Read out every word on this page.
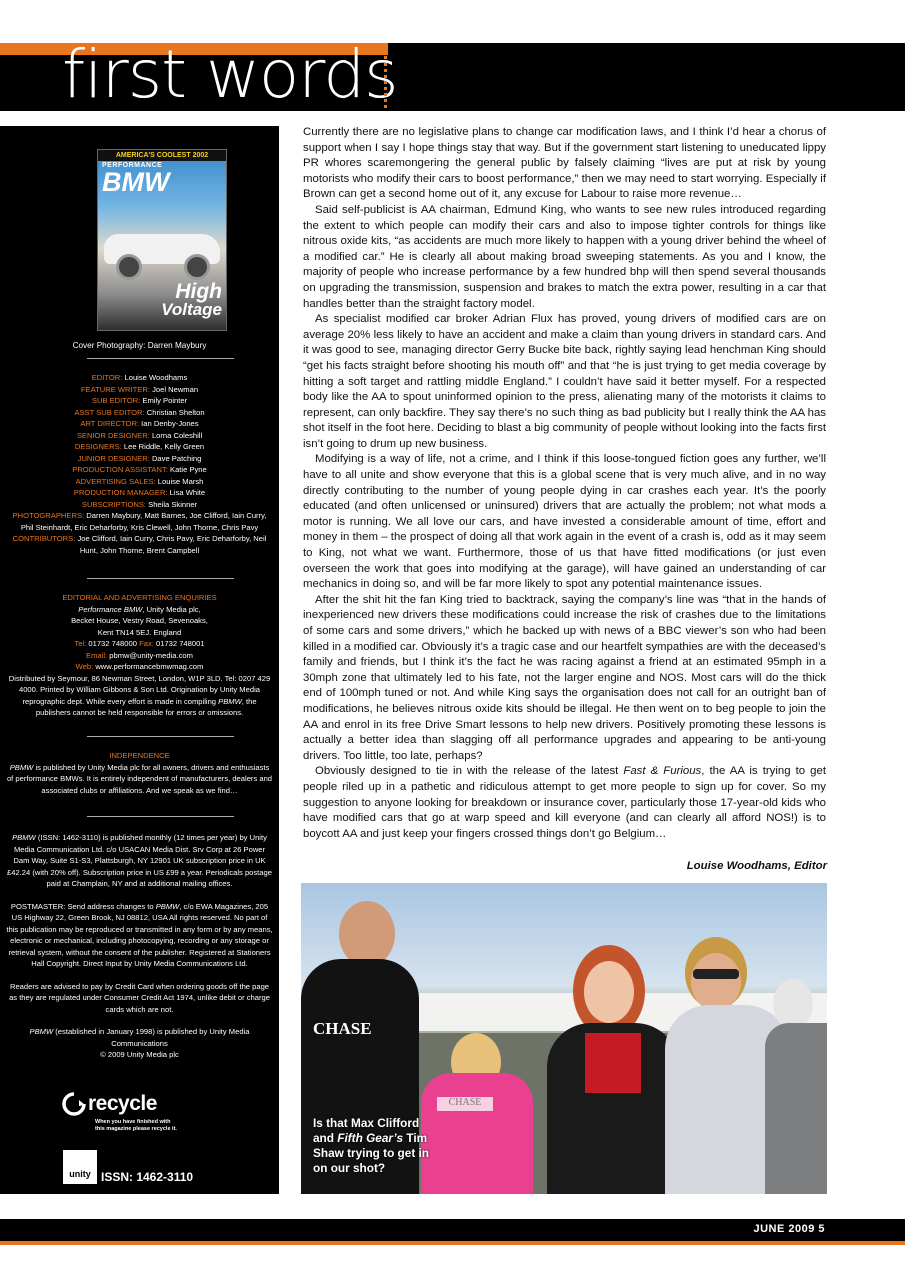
first words
AMERICA'S COOLEST 2002
PERFORMANCE
BMW
High
Voltage
Cover Photography: Darren Maybury
EDITOR: Louise Woodhams
FEATURE WRITER: Joel Newman
SUB EDITOR: Emily Pointer
ASST SUB EDITOR: Christian Shelton
ART DIRECTOR: Ian Denby-Jones
SENIOR DESIGNER: Lorna Coleshill
DESIGNERS: Lee Riddle, Kelly Green
JUNIOR DESIGNER: Dave Patching
PRODUCTION ASSISTANT: Katie Pyne
ADVERTISING SALES: Louise Marsh
PRODUCTION MANAGER: Lisa White
SUBSCRIPTIONS: Sheila Skinner
PHOTOGRAPHERS: Darren Maybury, Matt Barnes, Joe Clifford, Iain Curry, Phil Steinhardt, Eric Deharforby, Kris Clewell, John Thorne, Chris Pavy
CONTRIBUTORS: Joe Clifford, Iain Curry, Chris Pavy, Eric Deharforby, Neil Hunt, John Thorne, Brent Campbell
EDITORIAL AND ADVERTISING ENQUIRIES
Performance BMW, Unity Media plc,
Becket House, Vestry Road, Sevenoaks,
Kent TN14 5EJ. England
Tel: 01732 748000 Fax: 01732 748001
Email: pbmw@unity-media.com
Web: www.performancebmwmag.com
Distributed by Seymour, 86 Newman Street, London, W1P 3LD. Tel: 0207 429 4000. Printed by William Gibbons & Son Ltd. Origination by Unity Media reprographic dept. While every effort is made in compiling PBMW, the publishers cannot be held responsible for errors or omissions.
INDEPENDENCE
PBMW is published by Unity Media plc for all owners, drivers and enthusiasts of performance BMWs. It is entirely independent of manufacturers, dealers and associated clubs or affiliations. And we speak as we find…
PBMW (ISSN: 1462-3110) is published monthly (12 times per year) by Unity Media Communication Ltd. c/o USACAN Media Dist. Srv Corp at 26 Power Dam Way, Suite S1-S3, Plattsburgh, NY 12901 UK subscription price in UK £42.24 (with 20% off). Subscription price in US £99 a year. Periodicals postage paid at Champlain, NY and at additional mailing offices.
POSTMASTER: Send address changes to PBMW, c/o EWA Magazines, 205 US Highway 22, Green Brook, NJ 08812, USA All rights reserved. No part of this publication may be reproduced or transmitted in any form or by any means, electronic or mechanical, including photocopying, recording or any storage or retrieval system, without the consent of the publisher. Registered at Stationers Hall Copyright. Direct Input by Unity Media Communications Ltd.
Readers are advised to pay by Credit Card when ordering goods off the page as they are regulated under Consumer Credit Act 1974, unlike debit or charge cards which are not.
PBMW (established in January 1998) is published by Unity Media Communications
© 2009 Unity Media plc
recycle
When you have finished with
this magazine please recycle it.
unity ISSN: 1462-3110

Currently there are no legislative plans to change car modification laws, and I think I’d hear a chorus of support when I say I hope things stay that way. But if the government start listening to uneducated lippy PR whores scaremongering the general public by falsely claiming “lives are put at risk by young motorists who modify their cars to boost performance,” then we may need to start worrying. Especially if Brown can get a second home out of it, any excuse for Labour to raise more revenue…

Said self-publicist is AA chairman, Edmund King, who wants to see new rules introduced regarding the extent to which people can modify their cars and also to impose tighter controls for things like nitrous oxide kits, “as accidents are much more likely to happen with a young driver behind the wheel of a modified car.” He is clearly all about making broad sweeping statements. As you and I know, the majority of people who increase performance by a few hundred bhp will then spend several thousands on upgrading the transmission, suspension and brakes to match the extra power, resulting in a car that handles better than the straight factory model.

As specialist modified car broker Adrian Flux has proved, young drivers of modified cars are on average 20% less likely to have an accident and make a claim than young drivers in standard cars. And it was good to see, managing director Gerry Bucke bite back, rightly saying lead henchman King should “get his facts straight before shooting his mouth off” and that “he is just trying to get media coverage by hitting a soft target and rattling middle England.” I couldn’t have said it better myself. For a respected body like the AA to spout uninformed opinion to the press, alienating many of the motorists it claims to represent, can only backfire. They say there’s no such thing as bad publicity but I really think the AA has shot itself in the foot here. Deciding to blast a big community of people without looking into the facts first isn’t going to drum up new business.

Modifying is a way of life, not a crime, and I think if this loose-tongued fiction goes any further, we’ll have to all unite and show everyone that this is a global scene that is very much alive, and in no way directly contributing to the number of young people dying in car crashes each year. It’s the poorly educated (and often unlicensed or uninsured) drivers that are actually the problem; not what mods a motor is running. We all love our cars, and have invested a considerable amount of time, effort and money in them – the prospect of doing all that work again in the event of a crash is, odd as it may seem to King, not what we want. Furthermore, those of us that have fitted modifications (or just even overseen the work that goes into modifying at the garage), will have gained an understanding of car mechanics in doing so, and will be far more likely to spot any potential maintenance issues.

After the shit hit the fan King tried to backtrack, saying the company’s line was “that in the hands of inexperienced new drivers these modifications could increase the risk of crashes due to the limitations of some cars and some drivers,” which he backed up with news of a BBC viewer’s son who had been killed in a modified car. Obviously it’s a tragic case and our heartfelt sympathies are with the deceased’s family and friends, but I think it’s the fact he was racing against a friend at an estimated 95mph in a 30mph zone that ultimately led to his fate, not the larger engine and NOS. Most cars will do the thick end of 100mph tuned or not. And while King says the organisation does not call for an outright ban of modifications, he believes nitrous oxide kits should be illegal. He then went on to beg people to join the AA and enrol in its free Drive Smart lessons to help new drivers. Positively promoting these lessons is actually a better idea than slagging off all performance upgrades and appearing to be anti-young drivers. Too little, too late, perhaps?

Obviously designed to tie in with the release of the latest Fast & Furious, the AA is trying to get people riled up in a pathetic and ridiculous attempt to get more people to sign up for cover. So my suggestion to anyone looking for breakdown or insurance cover, particularly those 17-year-old kids who have modified cars that go at warp speed and kill everyone (and can clearly all afford NOS!) is to boycott AA and just keep your fingers crossed things don’t go Belgium…

Louise Woodhams, Editor
CHASE
CHASE
Is that Max Clifford and Fifth Gear’s Tim Shaw trying to get in on our shot?
JUNE 2009 5
